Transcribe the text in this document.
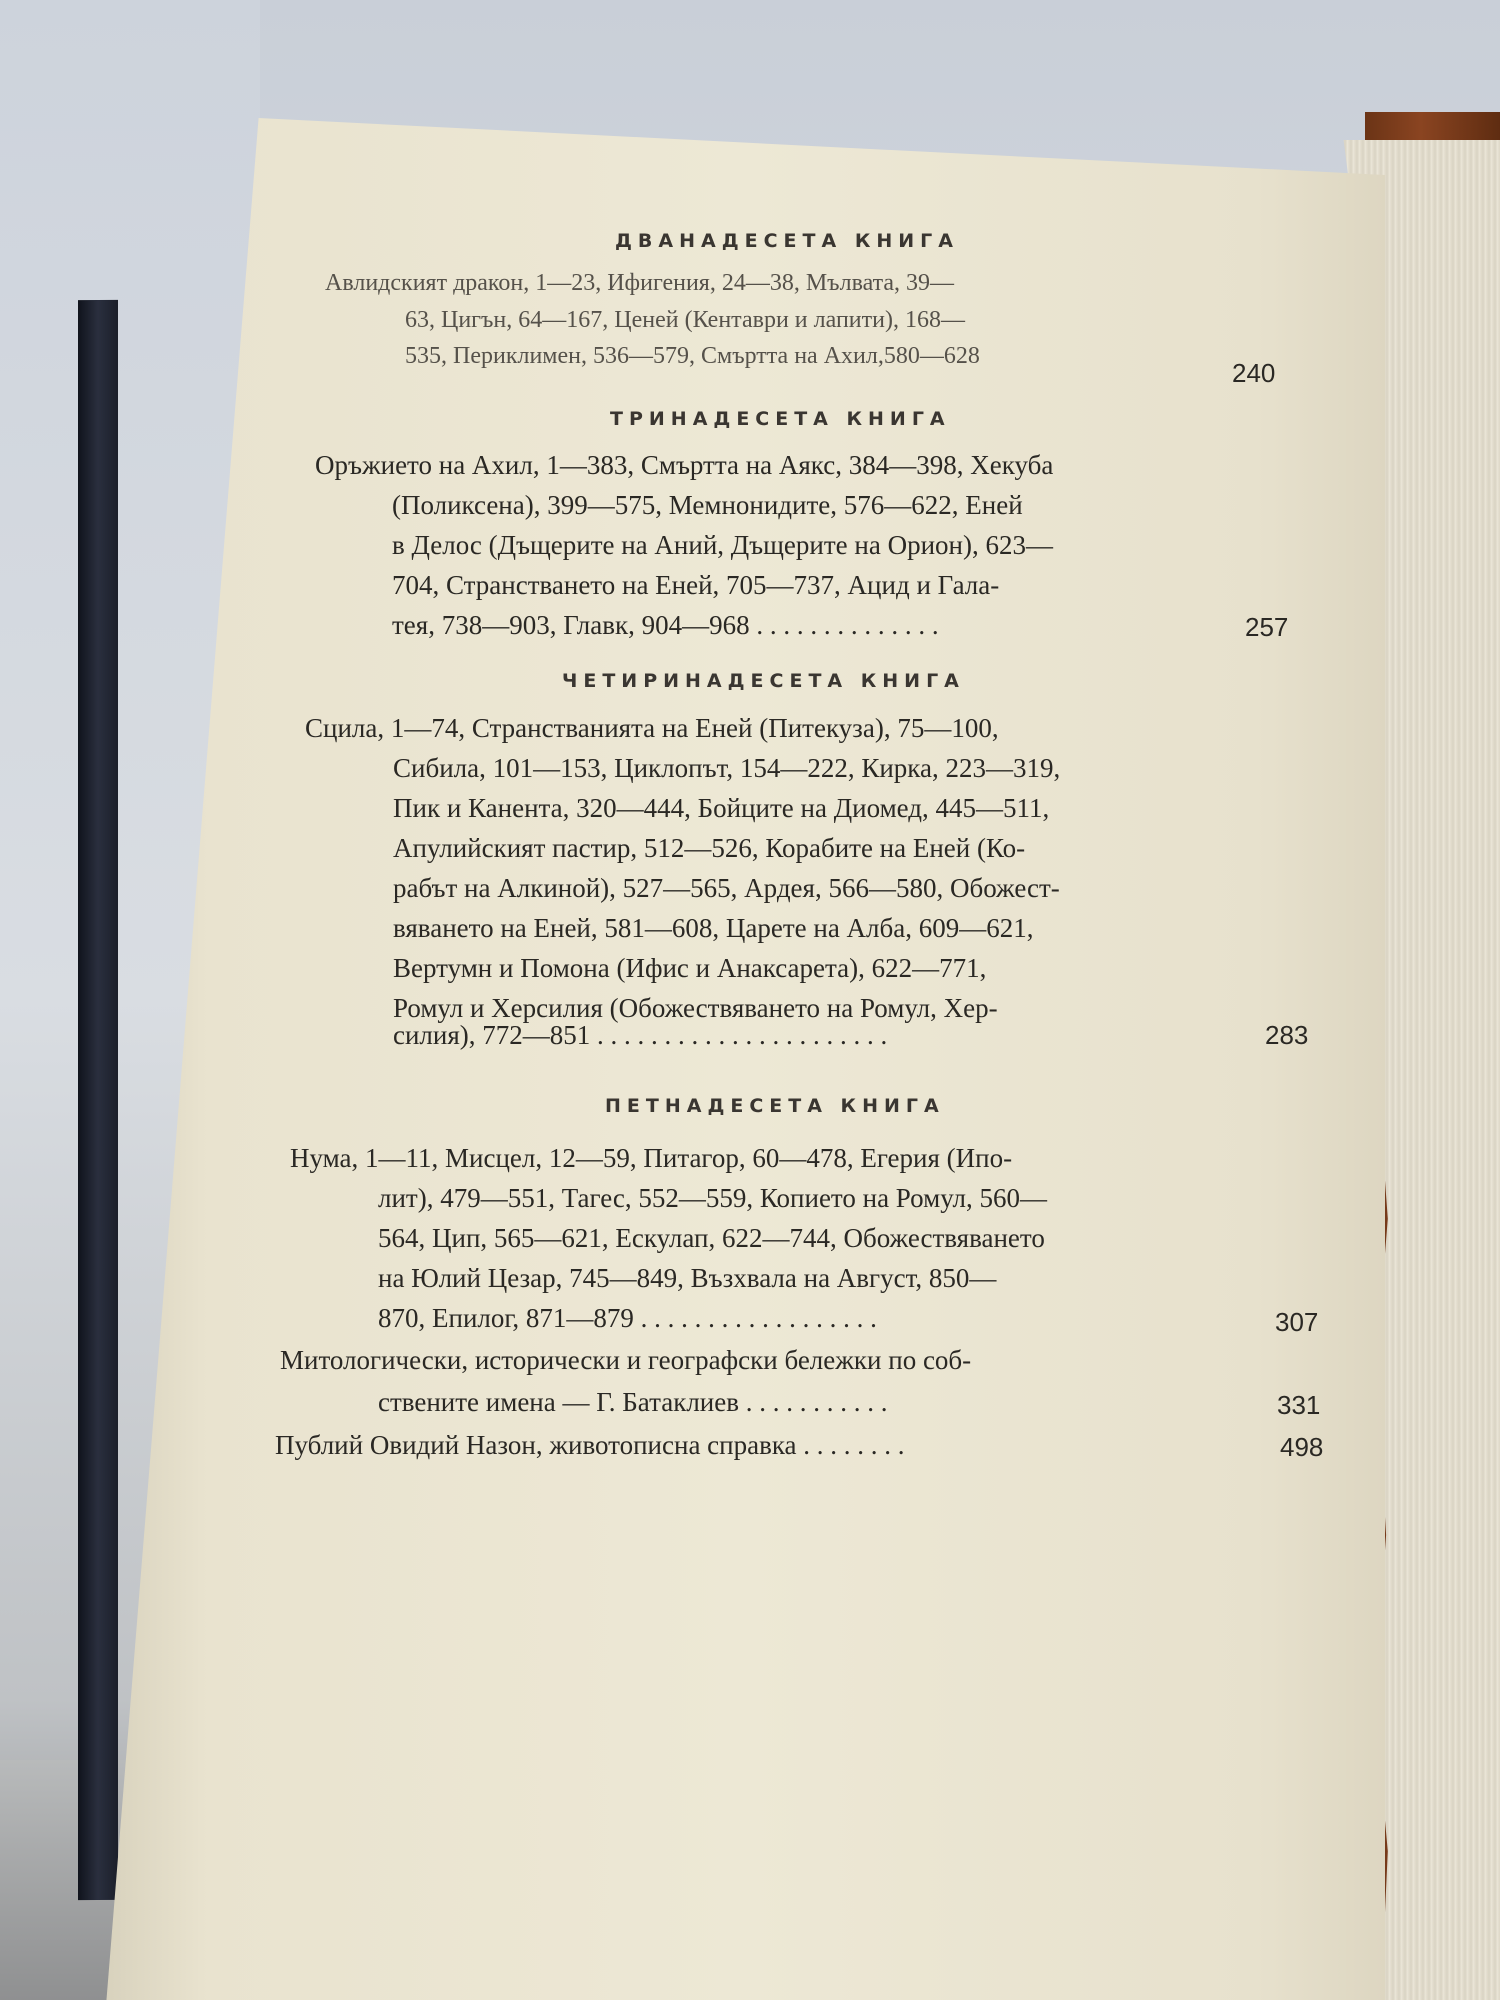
ДВАНАДЕСЕТА КНИГА
Авлидският дракон, 1—23, Ифигения, 24—38, Мълвата, 39—
63, Цигън, 64—167, Ценей (Кентаври и лапити), 168—
535, Периклимен, 536—579, Смъртта на Ахил,580—628
240
ТРИНАДЕСЕТА КНИГА
Оръжието на Ахил, 1—383, Смъртта на Аякс, 384—398, Хекуба
(Поликсена), 399—575, Мемнонидите, 576—622, Еней
в Делос (Дъщерите на Аний, Дъщерите на Орион), 623—
704, Странстването на Еней, 705—737, Ацид и Гала-
тея, 738—903, Главк, 904—968 . . . . . . . . . . . . . .	257
ЧЕТИРИНАДЕСЕТА КНИГА
Сцила, 1—74, Странстванията на Еней (Питекуза), 75—100,
Сибила, 101—153, Циклопът, 154—222, Кирка, 223—319,
Пик и Канента, 320—444, Бойците на Диомед, 445—511,
Апулийският пастир, 512—526, Корабите на Еней (Ко-
рабът на Алкиной), 527—565, Ардея, 566—580, Обожест-
вяването на Еней, 581—608, Царете на Алба, 609—621,
Вертумн и Помона (Ифис и Анаксарета), 622—771,
Ромул и Херсилия (Обожествяването на Ромул, Хер-
силия), 772—851 . . . . . . . . . . . . . . . . . . . . . .	283
ПЕТНАДЕСЕТА КНИГА
Нума, 1—11, Мисцел, 12—59, Питагор, 60—478, Егерия (Ипо-
лит), 479—551, Тагес, 552—559, Копието на Ромул, 560—
564, Цип, 565—621, Ескулап, 622—744, Обожествяването
на Юлий Цезар, 745—849, Възхвала на Август, 850—
870, Епилог, 871—879 . . . . . . . . . . . . . . . . . .	307
Митологически, исторически и географски бележки по соб-
ствените имена — Г. Батаклиев . . . . . . . . . . .	331
Публий Овидий Назон, животописна справка . . . . . . . .	498
